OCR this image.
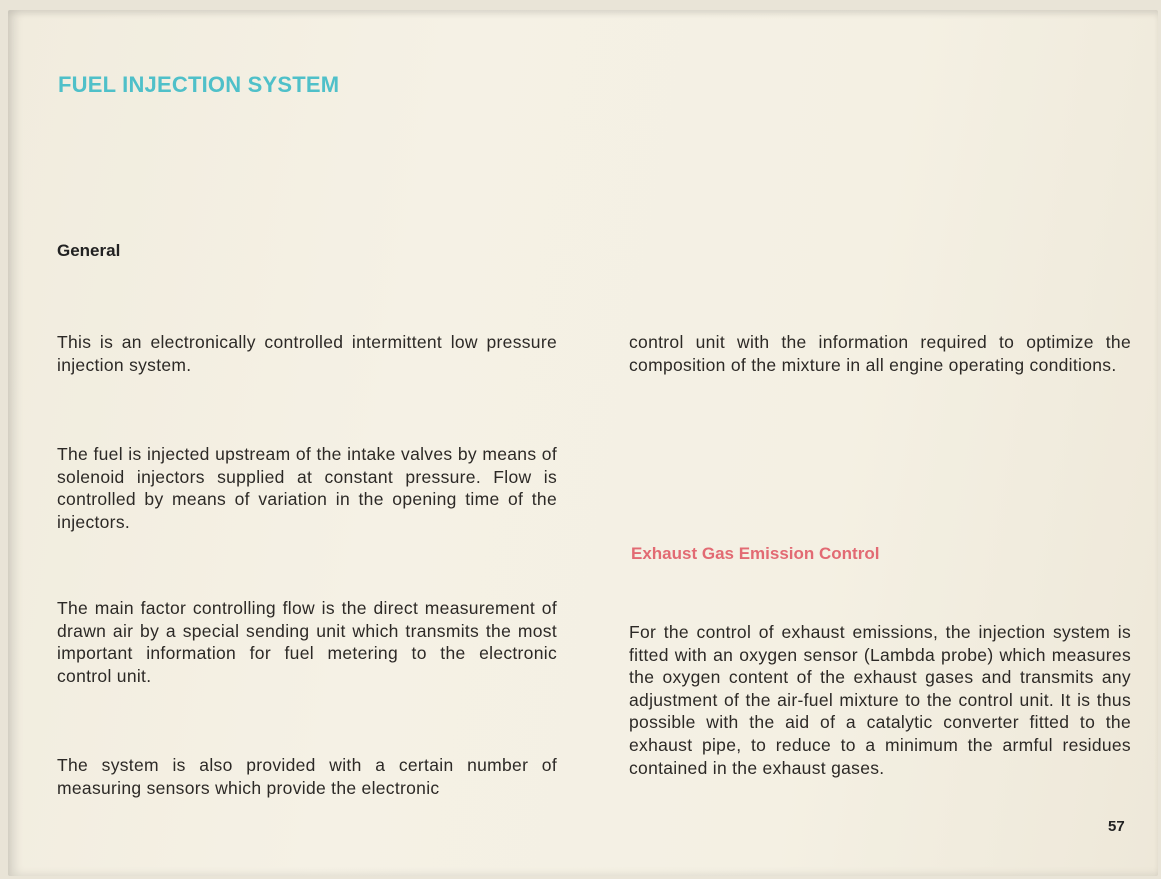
FUEL INJECTION SYSTEM
General

This is an electronically controlled intermittent low pressure injection system.

The fuel is injected upstream of the intake valves by means of solenoid injectors supplied at constant pressure. Flow is controlled by means of variation in the opening time of the injectors.

The main factor controlling flow is the direct measurement of drawn air by a special sending unit which transmits the most important information for fuel metering to the electronic control unit.

The system is also provided with a certain number of measuring sensors which provide the electronic

control unit with the information required to optimize the composition of the mixture in all engine operating conditions.

Exhaust Gas Emission Control

For the control of exhaust emissions, the injection system is fitted with an oxygen sensor (Lambda probe) which measures the oxygen content of the exhaust gases and transmits any adjustment of the air-fuel mixture to the control unit. It is thus possible with the aid of a catalytic converter fitted to the exhaust pipe, to reduce to a minimum the armful residues contained in the exhaust gases.

57
